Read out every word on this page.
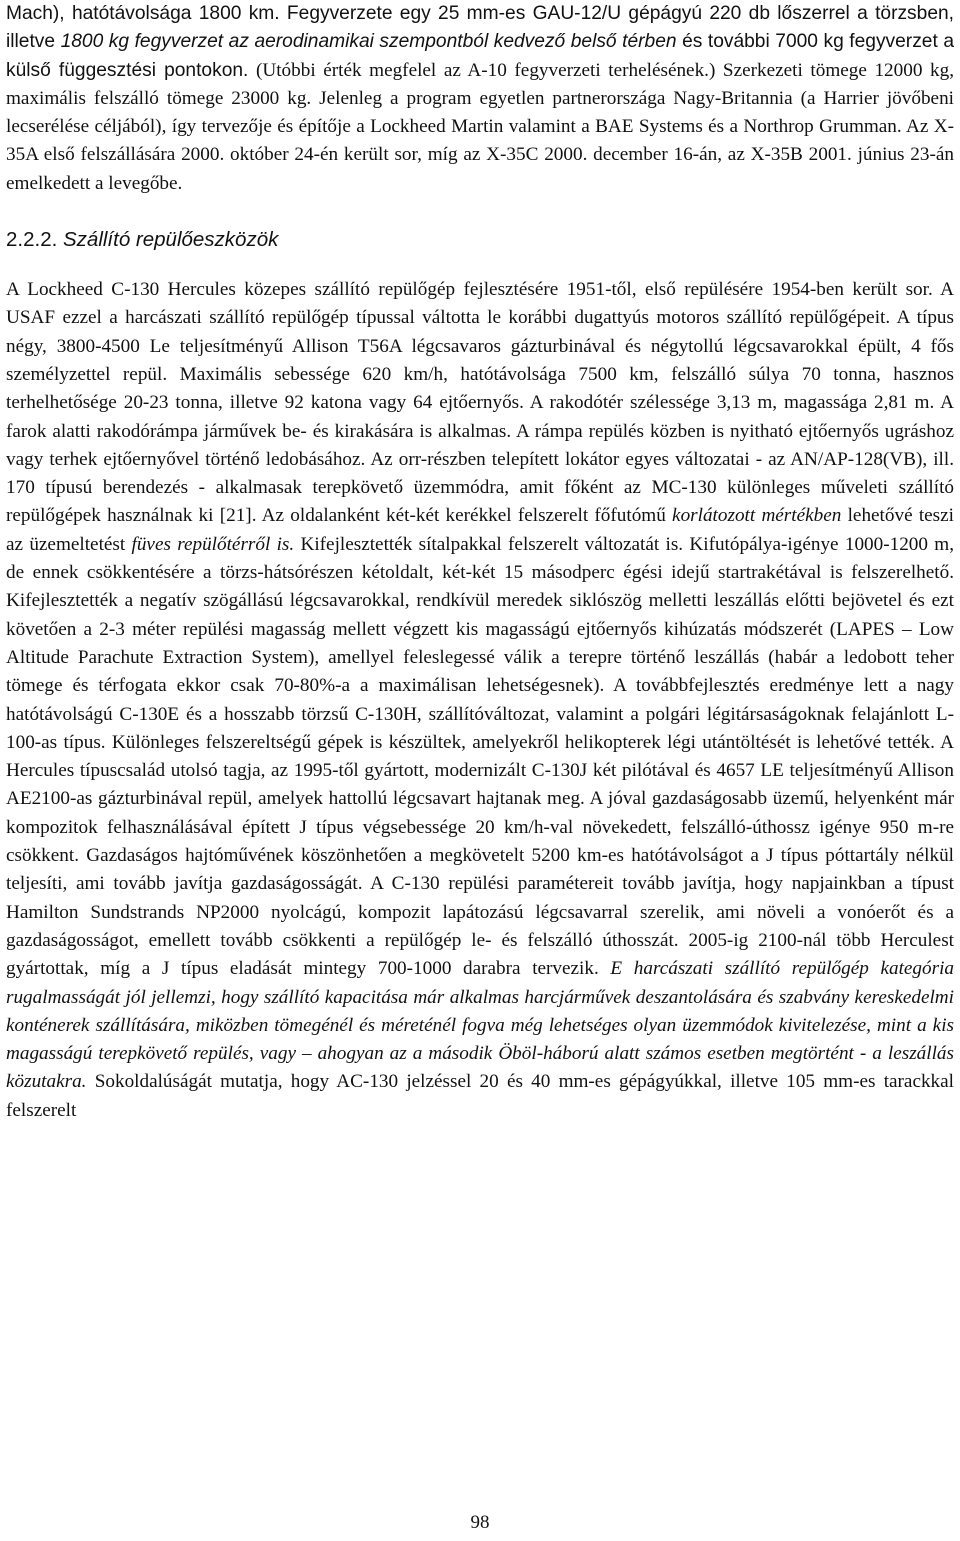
Mach), hatótávolsága 1800 km. Fegyverzete egy 25 mm-es GAU-12/U gépágyú 220 db lőszerrel a törzsben, illetve 1800 kg fegyverzet az aerodinamikai szempontból kedvező belső térben és további 7000 kg fegyverzet a külső függesztési pontokon. (Utóbbi érték megfelel az A-10 fegyverzeti terhelésének.) Szerkezeti tömege 12000 kg, maximális felszálló tömege 23000 kg. Jelenleg a program egyetlen partnerországa Nagy-Britannia (a Harrier jövőbeni lecserélése céljából), így tervezője és építője a Lockheed Martin valamint a BAE Systems és a Northrop Grumman. Az X-35A első felszállására 2000. október 24-én került sor, míg az X-35C 2000. december 16-án, az X-35B 2001. június 23-án emelkedett a levegőbe.

2.2.2. Szállító repülőeszközök

A Lockheed C-130 Hercules közepes szállító repülőgép fejlesztésére 1951-től, első repülésére 1954-ben került sor. A USAF ezzel a harcászati szállító repülőgép típussal váltotta le korábbi dugattyús motoros szállító repülőgépeit. A típus négy, 3800-4500 Le teljesítményű Allison T56A légcsavaros gázturbinával és négytollú légcsavarokkal épült, 4 fős személyzettel repül. Maximális sebessége 620 km/h, hatótávolsága 7500 km, felszálló súlya 70 tonna, hasznos terhelhetősége 20-23 tonna, illetve 92 katona vagy 64 ejtőernyős. A rakodótér szélessége 3,13 m, magassága 2,81 m. A farok alatti rakodórámpa járművek be- és kirakására is alkalmas. A rámpa repülés közben is nyitható ejtőernyős ugráshoz vagy terhek ejtőernyővel történő ledobásához. Az orr-részben telepített lokátor egyes változatai - az AN/AP-128(VB), ill. 170 típusú berendezés - alkalmasak terepkövető üzemmódra, amit főként az MC-130 különleges műveleti szállító repülőgépek használnak ki [21]. Az oldalanként két-két kerékkel felszerelt főfutómű korlátozott mértékben lehetővé teszi az üzemeltetést füves repülőtérről is. Kifejlesztették sítalpakkal felszerelt változatát is. Kifutópálya-igénye 1000-1200 m, de ennek csökkentésére a törzs-hátsórészen kétoldalt, két-két 15 másodperc égési idejű startrakétával is felszerelhető. Kifejlesztették a negatív szögállású légcsavarokkal, rendkívül meredek siklószög melletti leszállás előtti bejövetel és ezt követően a 2-3 méter repülési magasság mellett végzett kis magasságú ejtőernyős kihúzatás módszerét (LAPES – Low Altitude Parachute Extraction System), amellyel feleslegessé válik a terepre történő leszállás (habár a ledobott teher tömege és térfogata ekkor csak 70-80%-a a maximálisan lehetségesnek). A továbbfejlesztés eredménye lett a nagy hatótávolságú C-130E és a hosszabb törzsű C-130H, szállítóváltozat, valamint a polgári légitársaságoknak felajánlott L-100-as típus. Különleges felszereltségű gépek is készültek, amelyekről helikopterek légi utántöltését is lehetővé tették. A Hercules típuscsalád utolsó tagja, az 1995-től gyártott, modernizált C-130J két pilótával és 4657 LE teljesítményű Allison AE2100-as gázturbinával repül, amelyek hattollú légcsavart hajtanak meg. A jóval gazdaságosabb üzemű, helyenként már kompozitok felhasználásával épített J típus végsebessége 20 km/h-val növekedett, felszálló-úthossz igénye 950 m-re csökkent. Gazdaságos hajtóművének köszönhetően a megkövetelt 5200 km-es hatótávolságot a J típus póttartály nélkül teljesíti, ami tovább javítja gazdaságosságát. A C-130 repülési paramétereit tovább javítja, hogy napjainkban a típust Hamilton Sundstrands NP2000 nyolcágú, kompozit lapátozású légcsavarral szerelik, ami növeli a vonóerőt és a gazdaságosságot, emellett tovább csökkenti a repülőgép le- és felszálló úthosszát. 2005-ig 2100-nál több Herculest gyártottak, míg a J típus eladását mintegy 700-1000 darabra tervezik. E harcászati szállító repülőgép kategória rugalmasságát jól jellemzi, hogy szállító kapacitása már alkalmas harcjárművek deszantolására és szabvány kereskedelmi konténerek szállítására, miközben tömegénél és méreténél fogva még lehetséges olyan üzemmódok kivitelezése, mint a kis magasságú terepkövető repülés, vagy – ahogyan az a második Öböl-háború alatt számos esetben megtörtént - a leszállás közutakra. Sokoldalúságát mutatja, hogy AC-130 jelzéssel 20 és 40 mm-es gépágyúkkal, illetve 105 mm-es tarackkal felszerelt

98
